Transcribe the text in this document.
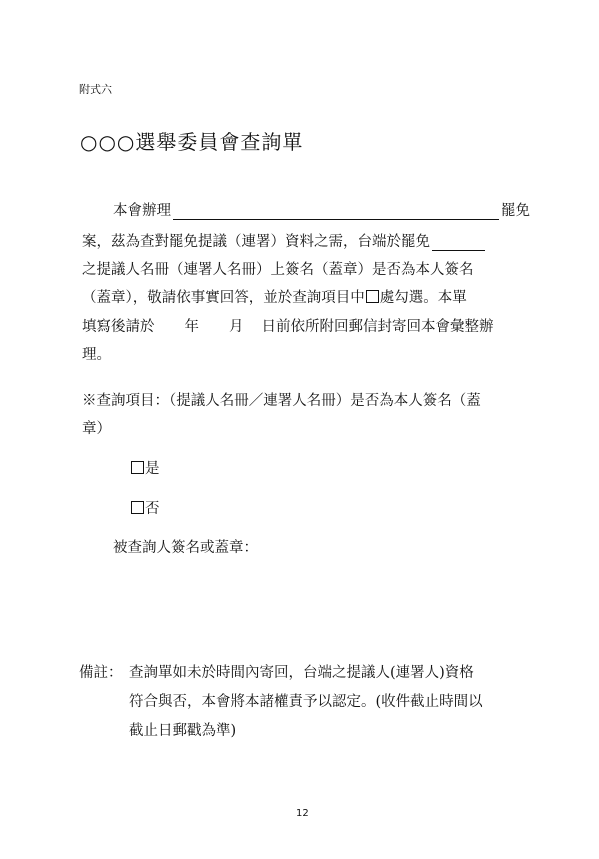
附式六
○○○選舉委員會查詢單
本會辦理	罷免
案，茲為查對罷免提議（連署）資料之需，台端於罷免
之提議人名冊（連署人名冊）上簽名（蓋章）是否為本人簽名
（蓋章），敬請依事實回答，並於查詢項目中 處勾選。本單
填寫後請於 年 月 日前依所附回郵信封寄回本會彙整辦
理。
※查詢項目：（提議人名冊／連署人名冊）是否為本人簽名（蓋
章）
是
否
被查詢人簽名或蓋章：
備註： 查詢單如未於時間內寄回，台端之提議人(連署人)資格
符合與否，本會將本諸權責予以認定。(收件截止時間以
截止日郵戳為準)
12
